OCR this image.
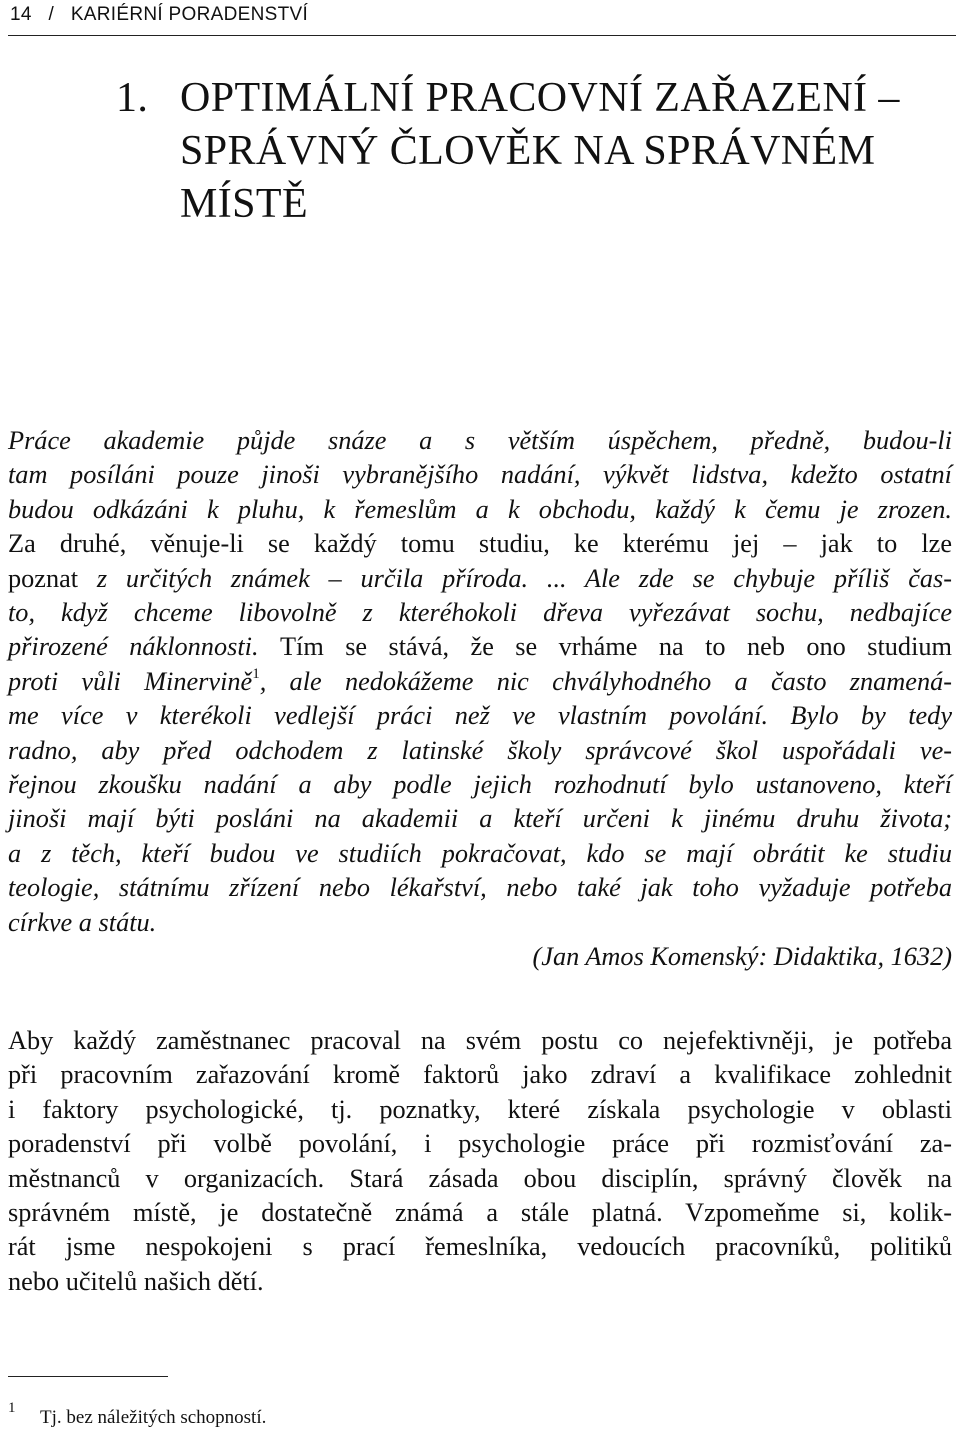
14 / KARIÉRNÍ PORADENSTVÍ
1. OPTIMÁLNÍ PRACOVNÍ ZAŘAZENÍ –
SPRÁVNÝ ČLOVĚK NA SPRÁVNÉM
MÍSTĚ
Práce akademie půjde snáze a s větším úspěchem, předně, budou-li
tam posíláni pouze jinoši vybranějšího nadání, výkvět lidstva, kdežto ostatní
budou odkázáni k pluhu, k řemeslům a k obchodu, každý k čemu je zrozen.
Za druhé, věnuje-li se každý tomu studiu, ke kterému jej – jak to lze
poznat z určitých známek – určila příroda. ... Ale zde se chybuje příliš čas-
to, když chceme libovolně z kteréhokoli dřeva vyřezávat sochu, nedbajíce
přirozené náklonnosti. Tím se stává, že se vrháme na to neb ono studium
proti vůli Minervině$^1$, ale nedokážeme nic chvályhodného a často znamená-
me více v kterékoli vedlejší práci než ve vlastním povolání. Bylo by tedy
radno, aby před odchodem z latinské školy správcové škol uspořádali ve-
řejnou zkoušku nadání a aby podle jejich rozhodnutí bylo ustanoveno, kteří
jinoši mají býti posláni na akademii a kteří určeni k jinému druhu života;
a z těch, kteří budou ve studiích pokračovat, kdo se mají obrátit ke studiu
teologie, státnímu zřízení nebo lékařství, nebo také jak toho vyžaduje potřeba
církve a státu.
(Jan Amos Komenský: Didaktika, 1632)
Aby každý zaměstnanec pracoval na svém postu co nejefektivněji, je potřeba
při pracovním zařazování kromě faktorů jako zdraví a kvalifikace zohlednit
i faktory psychologické, tj. poznatky, které získala psychologie v oblasti
poradenství při volbě povolání, i psychologie práce při rozmisťování za-
městnanců v organizacích. Stará zásada obou disciplín, správný člověk na
správném místě, je dostatečně známá a stále platná. Vzpomeňme si, kolik-
rát jsme nespokojeni s prací řemeslníka, vedoucích pracovníků, politiků
nebo učitelů našich dětí.
1 Tj. bez náležitých schopností.
